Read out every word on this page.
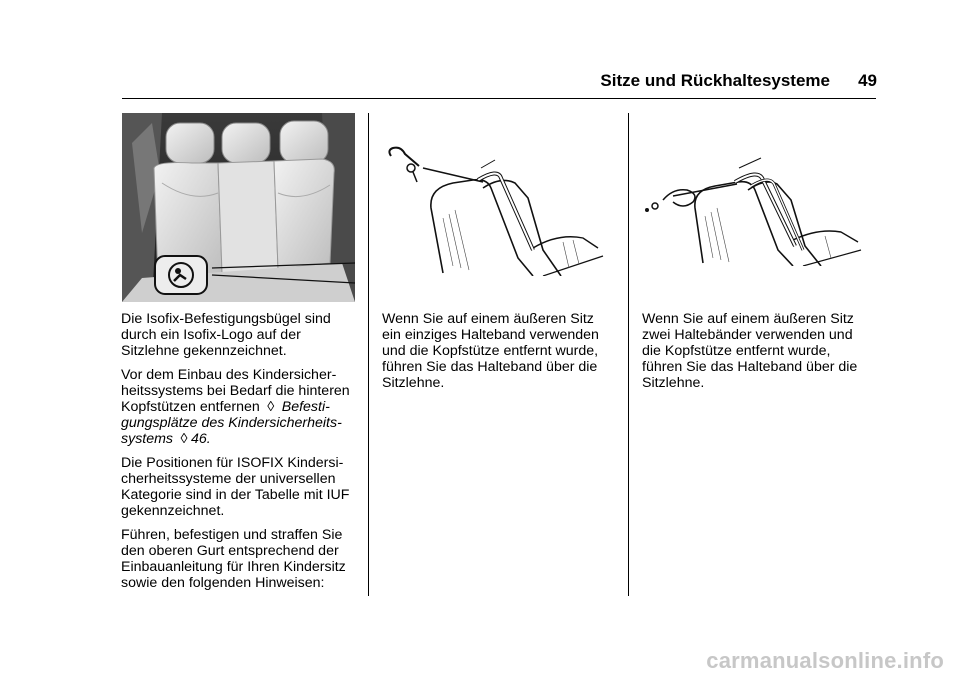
Sitze und Rückhaltesysteme	49

Die Isofix-Befestigungsbügel sind durch ein Isofix-Logo auf der Sitzlehne gekennzeichnet.

Vor dem Einbau des Kindersicherheitssystems bei Bedarf die hinteren Kopfstützen entfernen ◊ Befestigungsplätze des Kindersicherheitssystems ◊ 46.

Die Positionen für ISOFIX Kindersicherheitssysteme der universellen Kategorie sind in der Tabelle mit IUF gekennzeichnet.

Führen, befestigen und straffen Sie den oberen Gurt entsprechend der Einbauanleitung für Ihren Kindersitz sowie den folgenden Hinweisen:

Wenn Sie auf einem äußeren Sitz ein einziges Halteband verwenden und die Kopfstütze entfernt wurde, führen Sie das Halteband über die Sitzlehne.

Wenn Sie auf einem äußeren Sitz zwei Haltebänder verwenden und die Kopfstütze entfernt wurde, führen Sie das Halteband über die Sitzlehne.

carmanualsonline.info
